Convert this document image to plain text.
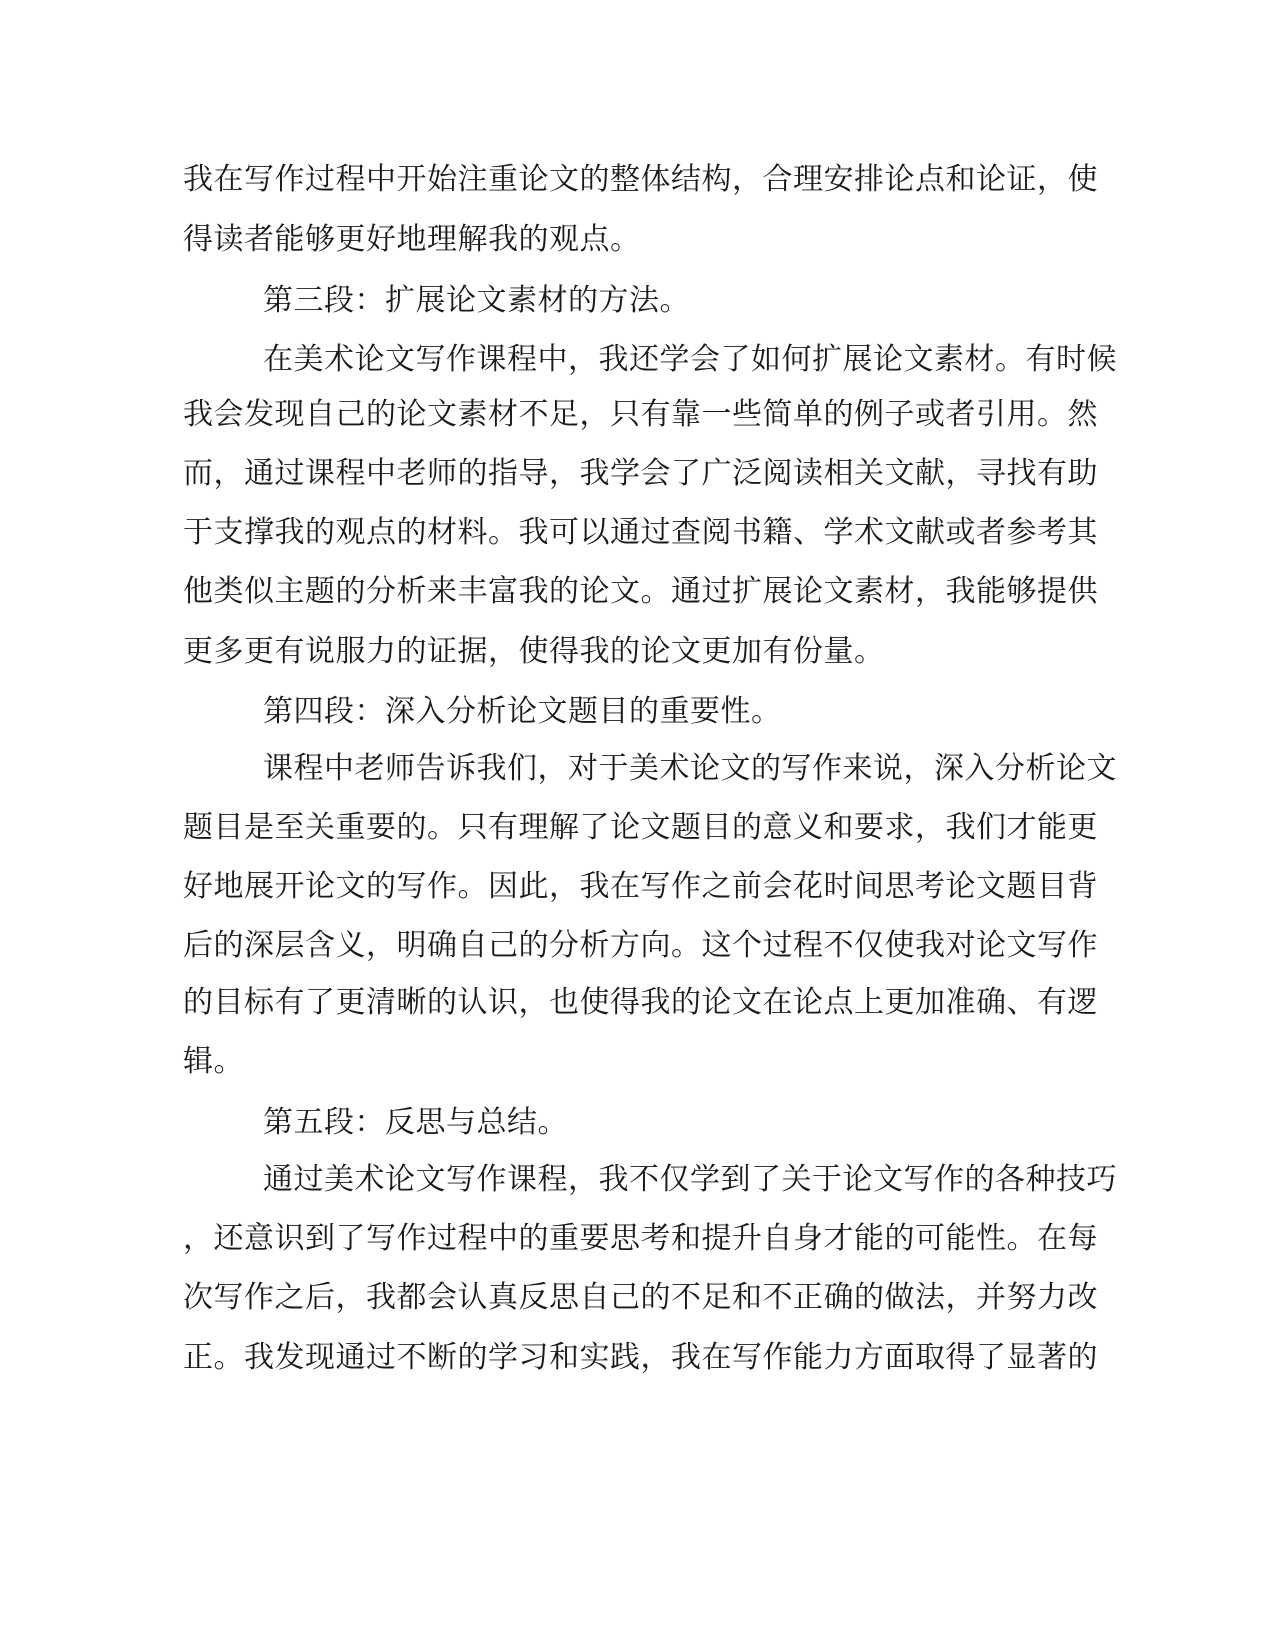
我在写作过程中开始注重论文的整体结构，合理安排论点和论证，使
得读者能够更好地理解我的观点。
第三段：扩展论文素材的方法。
在美术论文写作课程中，我还学会了如何扩展论文素材。有时候
我会发现自己的论文素材不足，只有靠一些简单的例子或者引用。然
而，通过课程中老师的指导，我学会了广泛阅读相关文献，寻找有助
于支撑我的观点的材料。我可以通过查阅书籍、学术文献或者参考其
他类似主题的分析来丰富我的论文。通过扩展论文素材，我能够提供
更多更有说服力的证据，使得我的论文更加有份量。
第四段：深入分析论文题目的重要性。
课程中老师告诉我们，对于美术论文的写作来说，深入分析论文
题目是至关重要的。只有理解了论文题目的意义和要求，我们才能更
好地展开论文的写作。因此，我在写作之前会花时间思考论文题目背
后的深层含义，明确自己的分析方向。这个过程不仅使我对论文写作
的目标有了更清晰的认识，也使得我的论文在论点上更加准确、有逻
辑。
第五段：反思与总结。
通过美术论文写作课程，我不仅学到了关于论文写作的各种技巧
，还意识到了写作过程中的重要思考和提升自身才能的可能性。在每
次写作之后，我都会认真反思自己的不足和不正确的做法，并努力改
正。我发现通过不断的学习和实践，我在写作能力方面取得了显著的
